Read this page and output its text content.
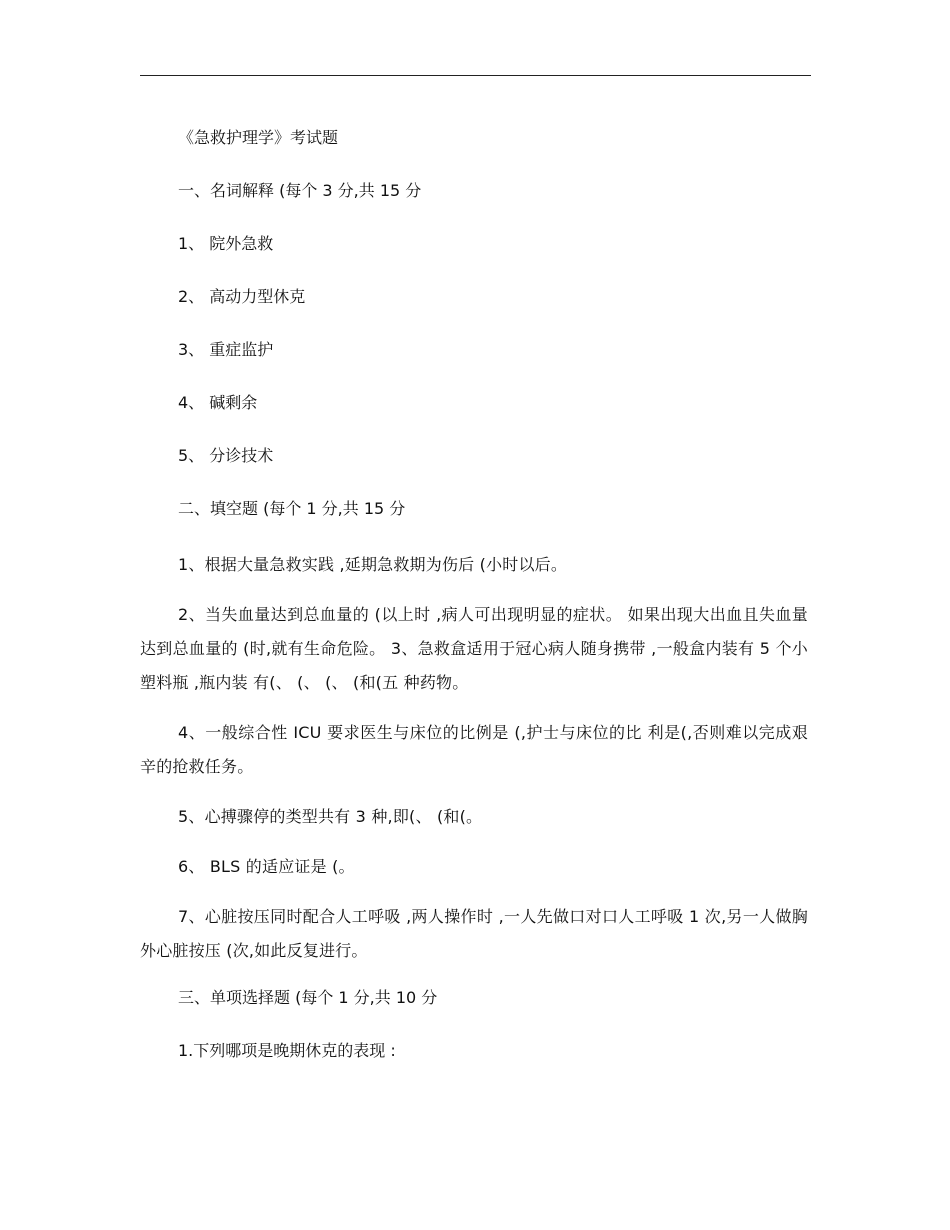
《急救护理学》考试题

一、名词解释 (每个 3 分,共 15 分

1、 院外急救

2、 高动力型休克

3、 重症监护

4、 碱剩余

5、 分诊技术

二、填空题 (每个 1 分,共 15 分

1、根据大量急救实践 ,延期急救期为伤后 (小时以后。

2、当失血量达到总血量的 (以上时 ,病人可出现明显的症状。 如果出现大出血且失血量达到总血量的 (时,就有生命危险。 3、急救盒适用于冠心病人随身携带 ,一般盒内装有 5 个小塑料瓶 ,瓶内装 有(、 (、 (、 (和(五 种药物。

4、一般综合性 ICU 要求医生与床位的比例是 (,护士与床位的比 利是(,否则难以完成艰辛的抢救任务。

5、心搏骤停的类型共有 3 种,即(、 (和(。

6、 BLS 的适应证是 (。

7、心脏按压同时配合人工呼吸 ,两人操作时 ,一人先做口对口人工呼吸 1 次,另一人做胸外心脏按压 (次,如此反复进行。

三、单项选择题 (每个 1 分,共 10 分

1.下列哪项是晚期休克的表现 :
